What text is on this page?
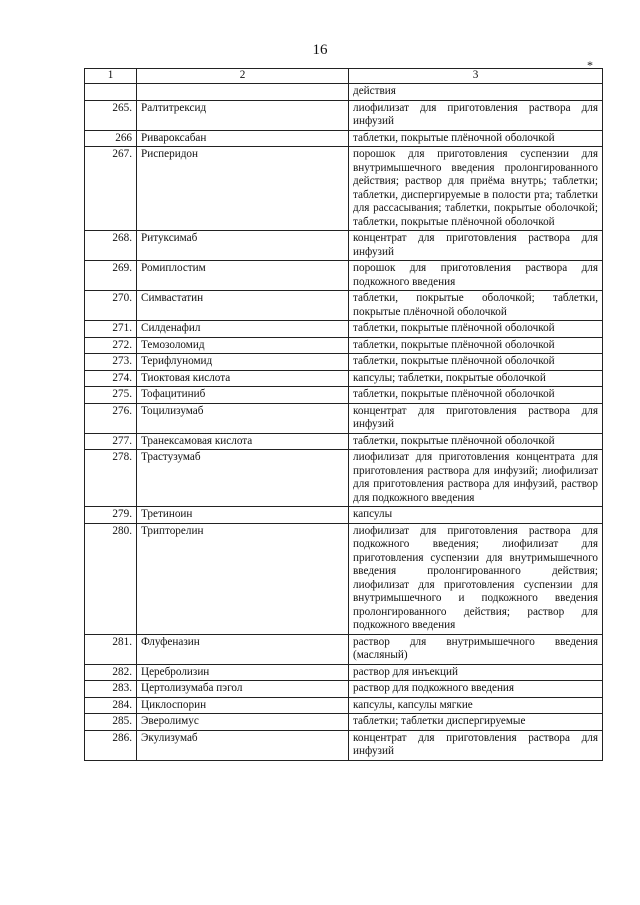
16
*
1	2	3
		действия
265.	Ралтитрексид	лиофилизат для приготовления раствора для инфузий
266	Ривароксабан	таблетки, покрытые плёночной оболочкой
267.	Рисперидон	порошок для приготовления суспензии для внутримышечного введения пролонгированного действия; раствор для приёма внутрь; таблетки; таблетки, диспергируемые в полости рта; таблетки для рассасывания; таблетки, покрытые оболочкой; таблетки, покрытые плёночной оболочкой
268.	Ритуксимаб	концентрат для приготовления раствора для инфузий
269.	Ромиплостим	порошок для приготовления раствора для подкожного введения
270.	Симвастатин	таблетки, покрытые оболочкой; таблетки, покрытые плёночной оболочкой
271.	Силденафил	таблетки, покрытые плёночной оболочкой
272.	Темозоломид	таблетки, покрытые плёночной оболочкой
273.	Терифлуномид	таблетки, покрытые плёночной оболочкой
274.	Тиоктовая кислота	капсулы; таблетки, покрытые оболочкой
275.	Тофацитиниб	таблетки, покрытые плёночной оболочкой
276.	Тоцилизумаб	концентрат для приготовления раствора для инфузий
277.	Транексамовая кислота	таблетки, покрытые плёночной оболочкой
278.	Трастузумаб	лиофилизат для приготовления концентрата для приготовления раствора для инфузий; лиофилизат для приготовления раствора для инфузий, раствор для подкожного введения
279.	Третиноин	капсулы
280.	Трипторелин	лиофилизат для приготовления раствора для подкожного введения; лиофилизат для приготовления суспензии для внутримышечного введения пролонгированного действия; лиофилизат для приготовления суспензии для внутримышечного и подкожного введения пролонгированного действия; раствор для подкожного введения
281.	Флуфеназин	раствор для внутримышечного введения (масляный)
282.	Церебролизин	раствор для инъекций
283.	Цертолизумаба пэгол	раствор для подкожного введения
284.	Циклоспорин	капсулы, капсулы мягкие
285.	Эверолимус	таблетки; таблетки диспергируемые
286.	Экулизумаб	концентрат для приготовления раствора для инфузий
